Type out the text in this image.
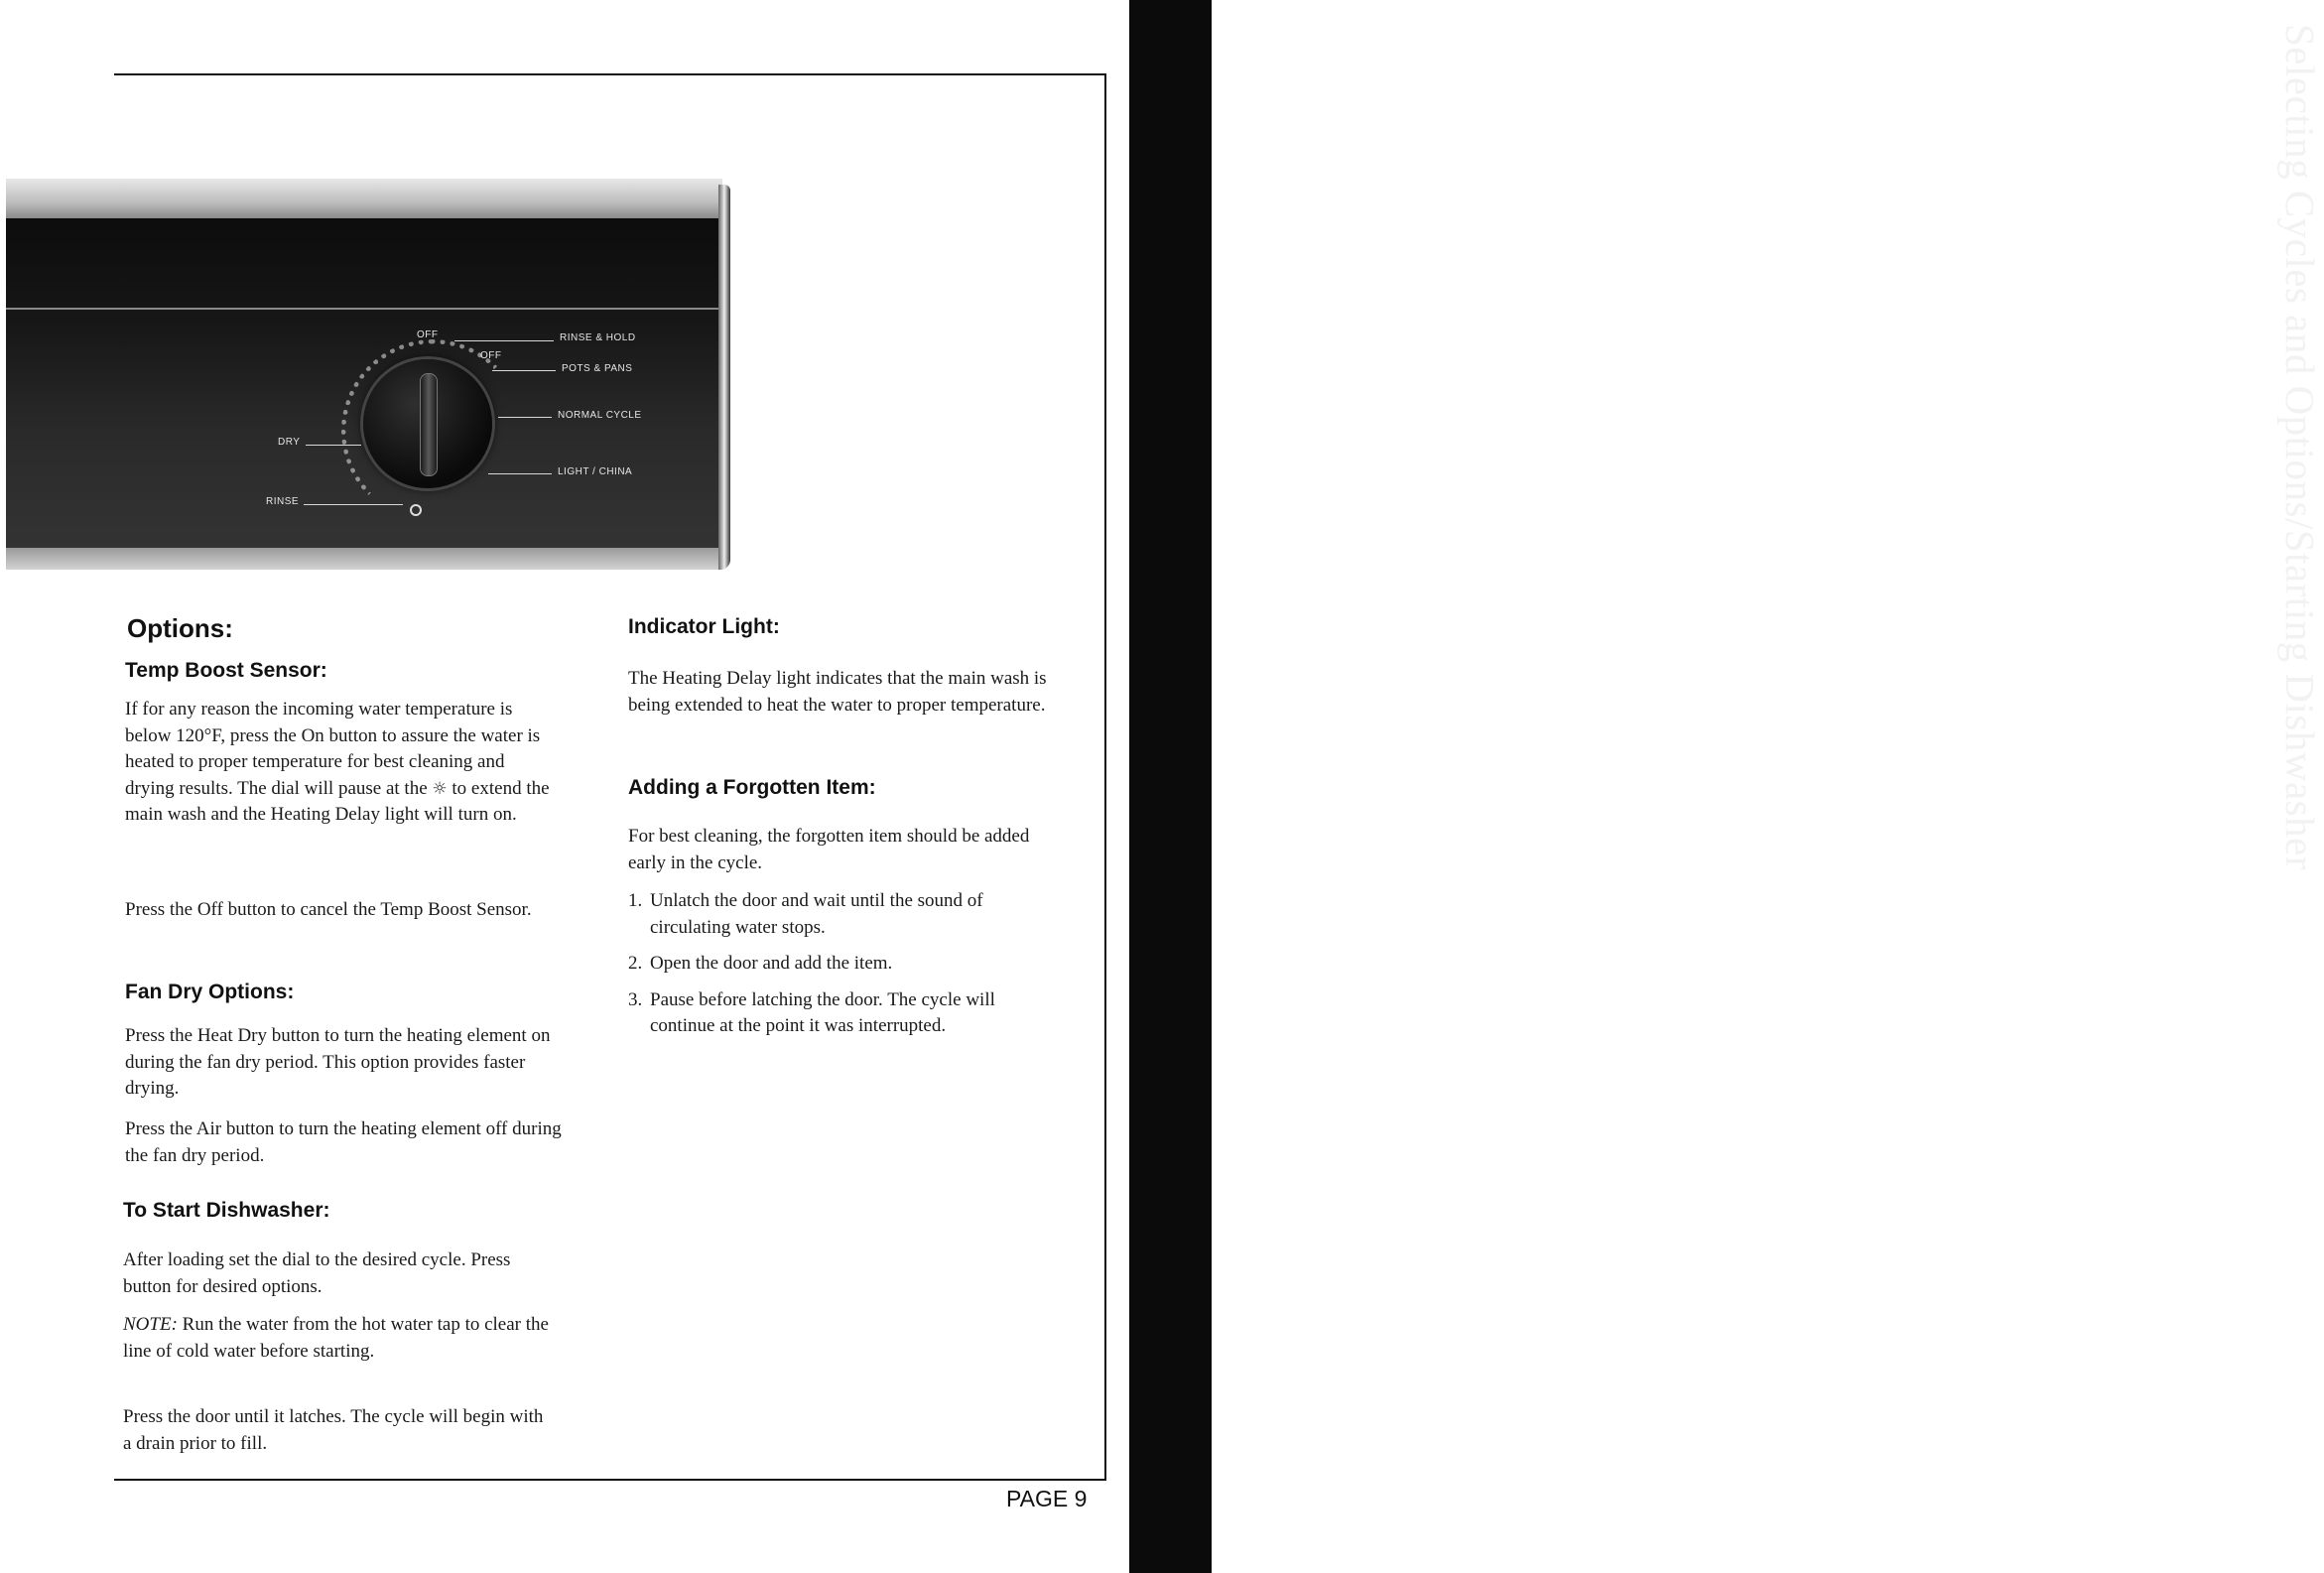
Selecting Cycles and Options/Starting Dishwasher
OFF
OFF
RINSE & HOLD
POTS & PANS
NORMAL CYCLE
LIGHT / CHINA
DRY
RINSE
Options:
Temp Boost Sensor:

If for any reason the incoming water temperature is below 120°F, press the On button to assure the water is heated to proper temperature for best cleaning and drying results. The dial will pause at the ☼ to extend the main wash and the Heating Delay light will turn on.

Press the Off button to cancel the Temp Boost Sensor.

Fan Dry Options:

Press the Heat Dry button to turn the heating element on during the fan dry period. This option provides faster drying.

Press the Air button to turn the heating element off during the fan dry period.

To Start Dishwasher:

After loading set the dial to the desired cycle. Press button for desired options.

NOTE: Run the water from the hot water tap to clear the line of cold water before starting.

Press the door until it latches. The cycle will begin with a drain prior to fill.

Indicator Light:

The Heating Delay light indicates that the main wash is being extended to heat the water to proper temperature.

Adding a Forgotten Item:

For best cleaning, the forgotten item should be added early in the cycle.

1. Unlatch the door and wait until the sound of circulating water stops.
2. Open the door and add the item.
3. Pause before latching the door. The cycle will continue at the point it was interrupted.
PAGE 9
